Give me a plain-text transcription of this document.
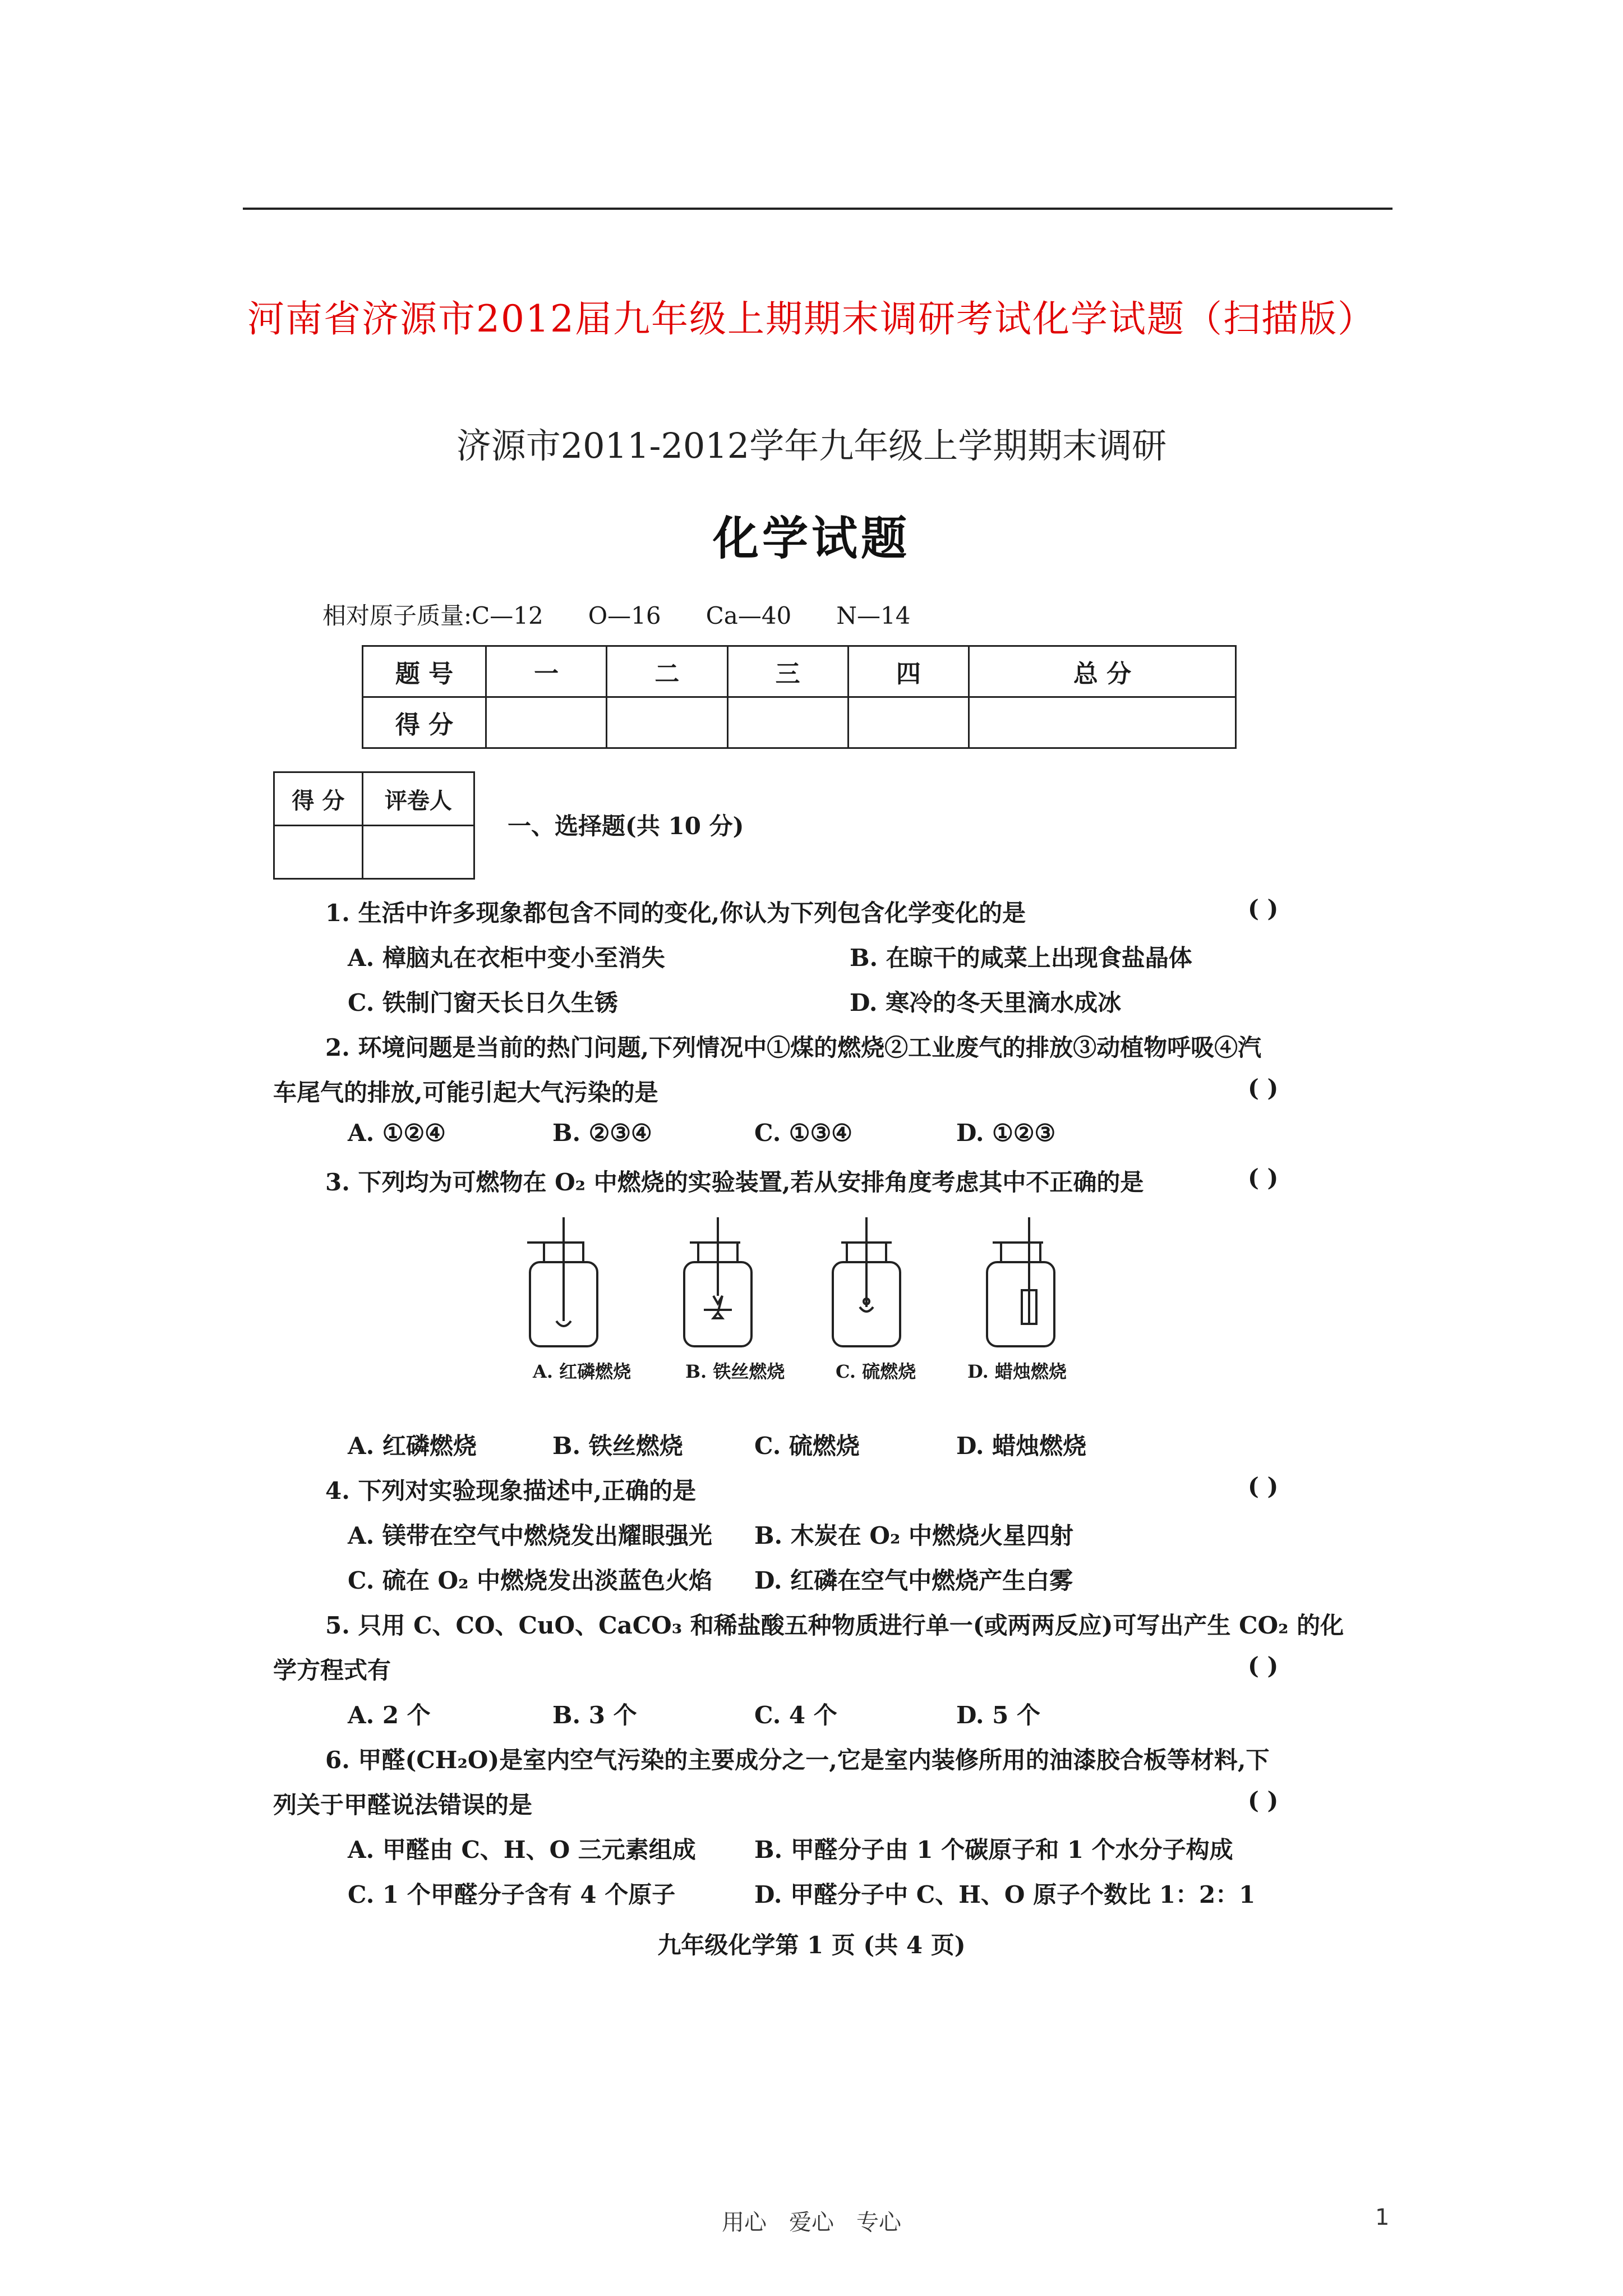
河南省济源市2012届九年级上期期末调研考试化学试题（扫描版）
济源市2011-2012学年九年级上学期期末调研
化学试题
相对原子质量:C—12 O—16 Ca—40 N—14
题 号	一	二	三	四	总 分
得 分					
得 分	评卷人

一、选择题(共 10 分)
1. 生活中许多现象都包含不同的变化,你认为下列包含化学变化的是	( )
A. 樟脑丸在衣柜中变小至消失	B. 在晾干的咸菜上出现食盐晶体
C. 铁制门窗天长日久生锈	D. 寒冷的冬天里滴水成冰
2. 环境问题是当前的热门问题,下列情况中①煤的燃烧②工业废气的排放③动植物呼吸④汽
车尾气的排放,可能引起大气污染的是	( )
A. ①②④	B. ②③④	C. ①③④	D. ①②③
3. 下列均为可燃物在 O₂ 中燃烧的实验装置,若从安排角度考虑其中不正确的是	( )
A. 红磷燃烧	B. 铁丝燃烧	C. 硫燃烧	D. 蜡烛燃烧
A. 红磷燃烧	B. 铁丝燃烧	C. 硫燃烧	D. 蜡烛燃烧
4. 下列对实验现象描述中,正确的是	( )
A. 镁带在空气中燃烧发出耀眼强光 B. 木炭在 O₂ 中燃烧火星四射
C. 硫在 O₂ 中燃烧发出淡蓝色火焰 D. 红磷在空气中燃烧产生白雾
5. 只用 C、CO、CuO、CaCO₃ 和稀盐酸五种物质进行单一(或两两反应)可写出产生 CO₂ 的化
学方程式有	( )
A. 2 个	B. 3 个	C. 4 个	D. 5 个
6. 甲醛(CH₂O)是室内空气污染的主要成分之一,它是室内装修所用的油漆胶合板等材料,下
列关于甲醛说法错误的是	( )
A. 甲醛由 C、H、O 三元素组成 B. 甲醛分子由 1 个碳原子和 1 个水分子构成
C. 1 个甲醛分子含有 4 个原子	D. 甲醛分子中 C、H、O 原子个数比 1：2：1
九年级化学第 1 页 (共 4 页)
用心　爱心　专心	1
